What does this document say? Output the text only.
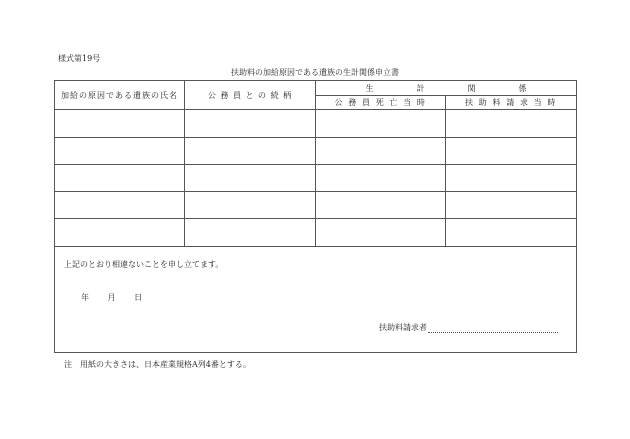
様式第19号
扶助料の加給原因である遺族の生計関係申立書
加給の原因である遺族の氏名	公 務 員 と の 続 柄	生 計 関 係	

		公 務 員 死 亡 当 時	扶 助 料 請 求 当 時

上記のとおり相違ないことを申し立てます。
年 月 日
扶助料請求者			
注　用紙の大きさは、日本産業規格A列4番とする。
